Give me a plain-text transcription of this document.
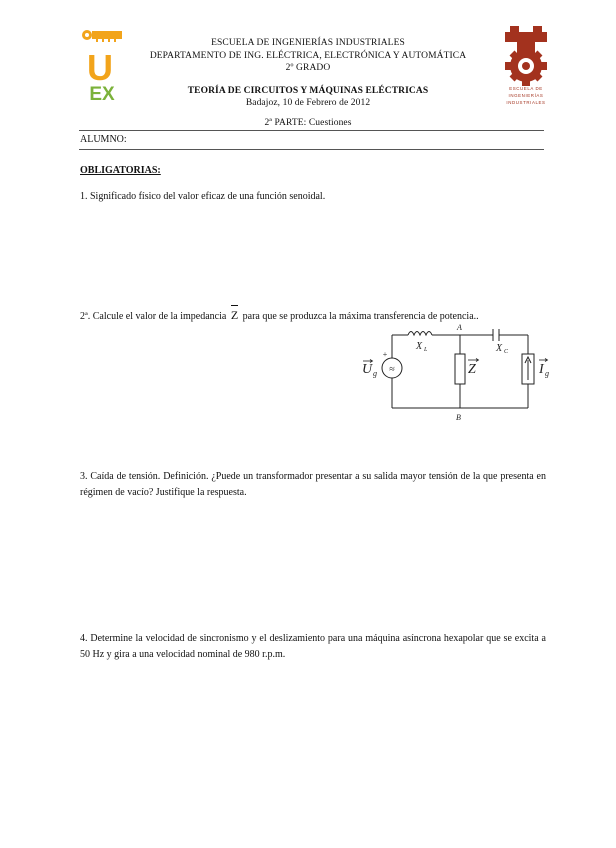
U
EX	ESCUELA DE
INGENIERÍAS
INDUSTRIALES
ESCUELA DE INGENIERÍAS INDUSTRIALES
DEPARTAMENTO DE ING. ELÉCTRICA, ELECTRÓNICA Y AUTOMÁTICA
2º GRADO
TEORÍA DE CIRCUITOS Y MÁQUINAS ELÉCTRICAS
Badajoz, 10 de Febrero de 2012
2ª PARTE: Cuestiones
ALUMNO:
OBLIGATORIAS:
1. Significado físico del valor eficaz de una función senoidal.
2ª. Calcule el valor de la impedancia Z para que se produzca la máxima transferencia de potencia..
≈
+
A
B
X L	X C
U g	Z	I g
3. Caída de tensión. Definición. ¿Puede un transformador presentar a su salida mayor tensión de la que presenta en régimen de vacío? Justifique la respuesta.
4. Determine la velocidad de sincronismo y el deslizamiento para una máquina asíncrona hexapolar que se excita a 50 Hz y gira a una velocidad nominal de 980 r.p.m.
